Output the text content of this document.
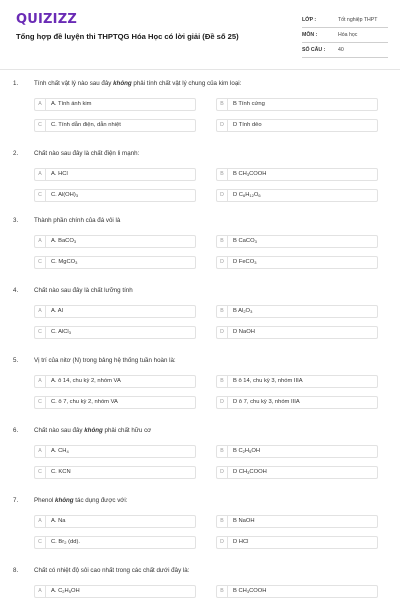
QUIZIZZ
Tổng hợp đề luyện thi THPTQG Hóa Học có lời giải (Đề số 25)
LỚP :	Tốt nghiệp THPT
MÔN :	Hóa học
SỐ CÂU : 40
1.	Tính chất vật lý nào sau đây không phải tính chất vật lý chung của kim loại:
A	A. Tính ánh kim	B	B Tính cứng
C	C. Tính dẫn điện, dẫn nhiệt	D	D Tính dẻo
2.	Chất nào sau đây là chất điện li mạnh:
A	A. HCl	B	B $CH_3COOH$
C	C. $Al(OH)_3$	D	D $C_6H_{12}O_6$
3.	Thành phần chính của đá vôi là
A	A. BaCO$_3$	B	B CaCO$_3$
C	C. MgCO$_3$	D	D FeCO$_3$
4.	Chất nào sau đây là chất lưỡng tính
A	A. Al	B	B $Al_2O_3$
C	C. AlCl$_3$	D	D NaOH
5.	Vị trí của nitơ (N) trong bảng hệ thống tuần hoàn là:
A	A. ô 14, chu kỳ 2, nhóm VA	B	B ô 14, chu kỳ 3, nhóm IIIA
C	C. ô 7, chu kỳ 2, nhóm VA	D	D ô 7, chu kỳ 3, nhóm IIIA
6.	Chất nào sau đây không phải chất hữu cơ
A	A. $CH_4$	B	B $C_2H_5OH$
C	C. KCN	D	D $CH_3COOH$
7.	Phenol không tác dụng được với:
A	A. Na	B	B NaOH
C	C. $Br_2$ (dd).	D	D HCl
8.	Chất có nhiệt độ sôi cao nhất trong các chất dưới đây là:
A	A. $C_2H_5OH$	B	B $CH_3COOH$
